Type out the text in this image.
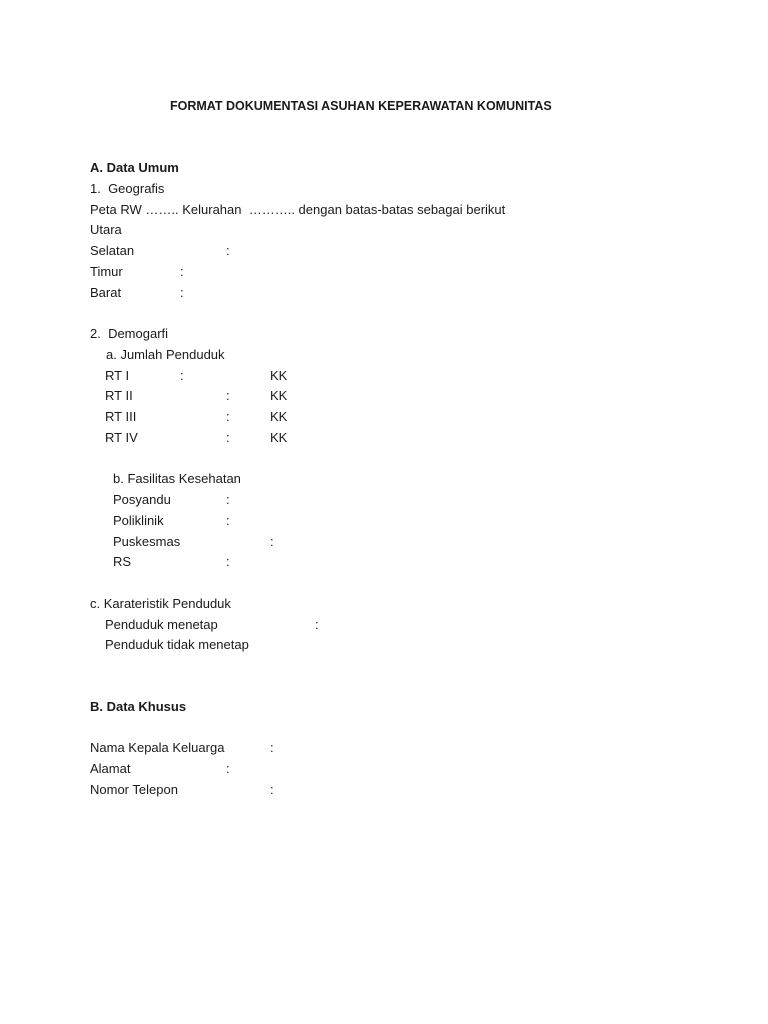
FORMAT DOKUMENTASI ASUHAN KEPERAWATAN KOMUNITAS
A. Data Umum
1.  Geografis
Peta RW …….. Kelurahan  ……….. dengan batas-batas sebagai berikut
Utara
Selatan	:
Timur	:
Barat	:
2.  Demogarfi
a. Jumlah Penduduk
RT I	:	KK
RT II	:	KK
RT III	:	KK
RT IV	:	KK
b. Fasilitas Kesehatan
Posyandu	:
Poliklinik	:
Puskesmas	:
RS	:
c. Karateristik Penduduk
Penduduk menetap	:
Penduduk tidak menetap
B. Data Khusus
Nama Kepala Keluarga	:
Alamat	:
Nomor Telepon	:
